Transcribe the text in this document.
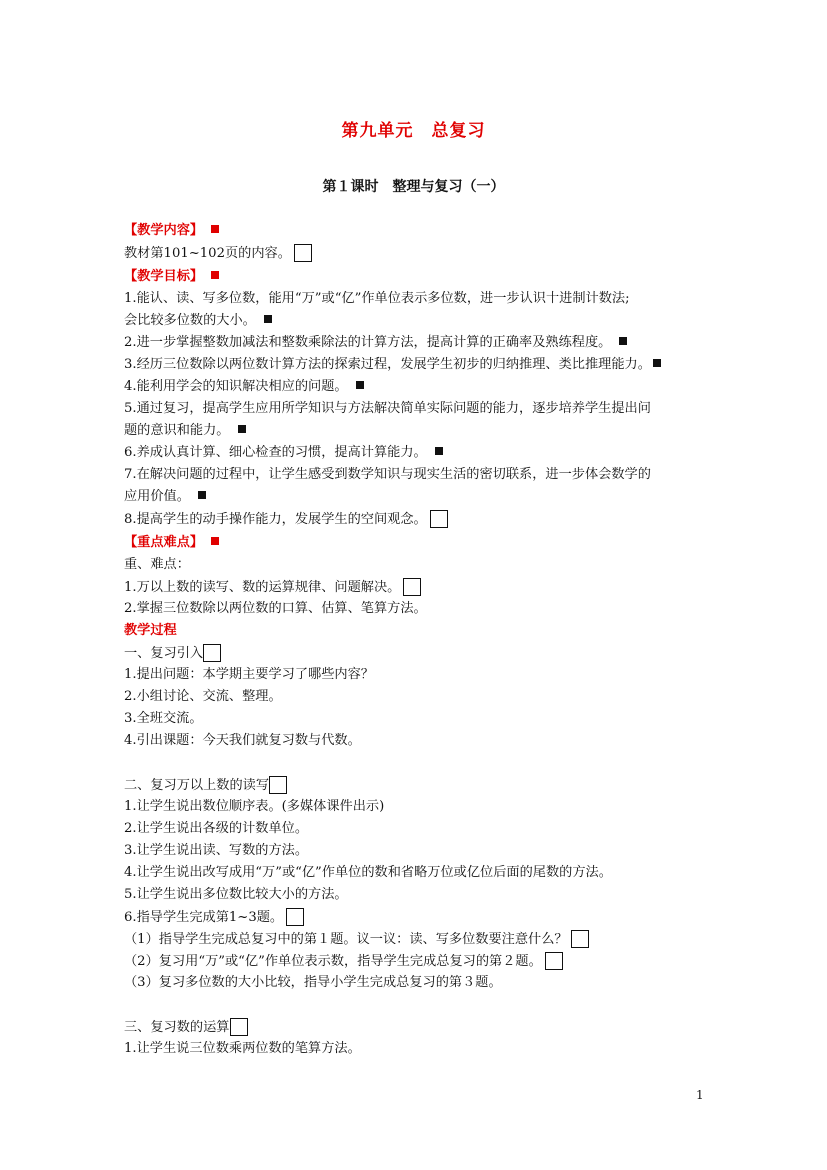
第九单元　总复习
第１课时　整理与复习（一）
【教学内容】
教材第101~102页的内容。
【教学目标】
1.能认、读、写多位数，能用“万”或“亿”作单位表示多位数，进一步认识十进制计数法;
会比较多位数的大小。
2.进一步掌握整数加减法和整数乘除法的计算方法，提高计算的正确率及熟练程度。
3.经历三位数除以两位数计算方法的探索过程，发展学生初步的归纳推理、类比推理能力。
4.能利用学会的知识解决相应的问题。
5.通过复习，提高学生应用所学知识与方法解决简单实际问题的能力，逐步培养学生提出问
题的意识和能力。
6.养成认真计算、细心检查的习惯，提高计算能力。
7.在解决问题的过程中，让学生感受到数学知识与现实生活的密切联系，进一步体会数学的
应用价值。
8.提高学生的动手操作能力，发展学生的空间观念。
【重点难点】
重、难点：
1.万以上数的读写、数的运算规律、问题解决。
2.掌握三位数除以两位数的口算、估算、笔算方法。
教学过程
一、复习引入
1.提出问题：本学期主要学习了哪些内容？
2.小组讨论、交流、整理。
3.全班交流。
4.引出课题：今天我们就复习数与代数。
二、复习万以上数的读写
1.让学生说出数位顺序表。(多媒体课件出示)
2.让学生说出各级的计数单位。
3.让学生说出读、写数的方法。
4.让学生说出改写成用“万”或“亿”作单位的数和省略万位或亿位后面的尾数的方法。
5.让学生说出多位数比较大小的方法。
6.指导学生完成第1~3题。
（1）指导学生完成总复习中的第１题。议一议：读、写多位数要注意什么？
（2）复习用“万”或“亿”作单位表示数，指导学生完成总复习的第２题。
（3）复习多位数的大小比较，指导小学生完成总复习的第３题。
三、复习数的运算
1.让学生说三位数乘两位数的笔算方法。
1
